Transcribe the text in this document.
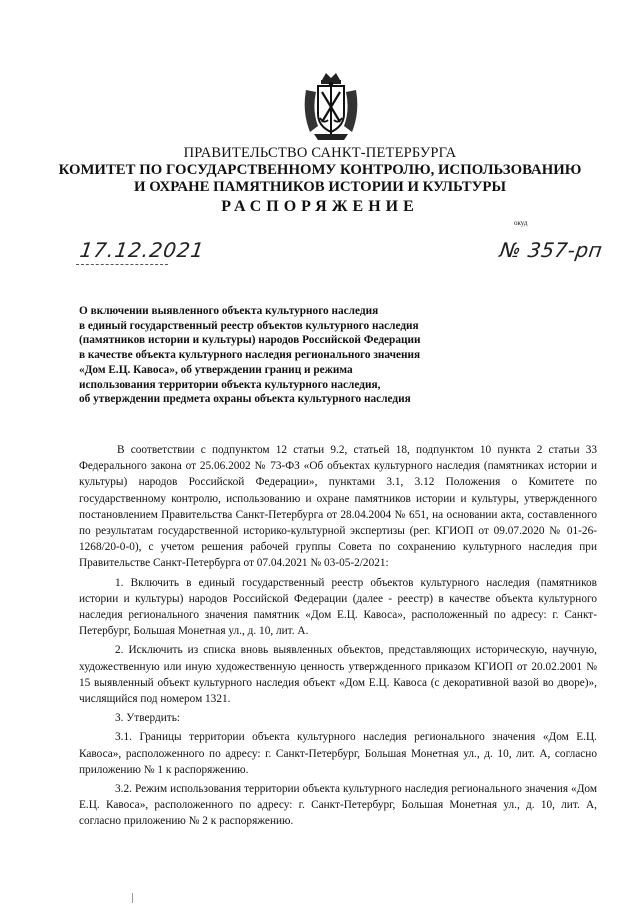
ПРАВИТЕЛЬСТВО САНКТ-ПЕТЕРБУРГА
КОМИТЕТ ПО ГОСУДАРСТВЕННОМУ КОНТРОЛЮ, ИСПОЛЬЗОВАНИЮ
И ОХРАНЕ ПАМЯТНИКОВ ИСТОРИИ И КУЛЬТУРЫ
РАСПОРЯЖЕНИЕ
окуд
17.12.2021	№ 357-рп
О включении выявленного объекта культурного наследия
в единый государственный реестр объектов культурного наследия
(памятников истории и культуры) народов Российской Федерации
в качестве объекта культурного наследия регионального значения
«Дом Е.Ц. Кавоса», об утверждении границ и режима
использования территории объекта культурного наследия,
об утверждении предмета охраны объекта культурного наследия

В соответствии с подпунктом 12 статьи 9.2, статьей 18, подпунктом 10 пункта 2 статьи 33 Федерального закона от 25.06.2002 № 73-ФЗ «Об объектах культурного наследия (памятниках истории и культуры) народов Российской Федерации», пунктами 3.1, 3.12 Положения о Комитете по государственному контролю, использованию и охране памятников истории и культуры, утвержденного постановлением Правительства Санкт-Петербурга от 28.04.2004 № 651, на основании акта, составленного по результатам государственной историко-культурной экспертизы (рег. КГИОП от 09.07.2020 № 01-26-1268/20-0-0), с учетом решения рабочей группы Совета по сохранению культурного наследия при Правительстве Санкт-Петербурга от 07.04.2021 № 03-05-2/2021:

1. Включить в единый государственный реестр объектов культурного наследия (памятников истории и культуры) народов Российской Федерации (далее - реестр) в качестве объекта культурного наследия регионального значения памятник «Дом Е.Ц. Кавоса», расположенный по адресу: г. Санкт-Петербург, Большая Монетная ул., д. 10, лит. А.

2. Исключить из списка вновь выявленных объектов, представляющих историческую, научную, художественную или иную художественную ценность утвержденного приказом КГИОП от 20.02.2001 № 15 выявленный объект культурного наследия объект «Дом Е.Ц. Кавоса (с декоративной вазой во дворе)», числящийся под номером 1321.

3. Утвердить:

3.1. Границы территории объекта культурного наследия регионального значения «Дом Е.Ц. Кавоса», расположенного по адресу: г. Санкт-Петербург, Большая Монетная ул., д. 10, лит. А, согласно приложению № 1 к распоряжению.

3.2. Режим использования территории объекта культурного наследия регионального значения «Дом Е.Ц. Кавоса», расположенного по адресу: г. Санкт-Петербург, Большая Монетная ул., д. 10, лит. А, согласно приложению № 2 к распоряжению.
